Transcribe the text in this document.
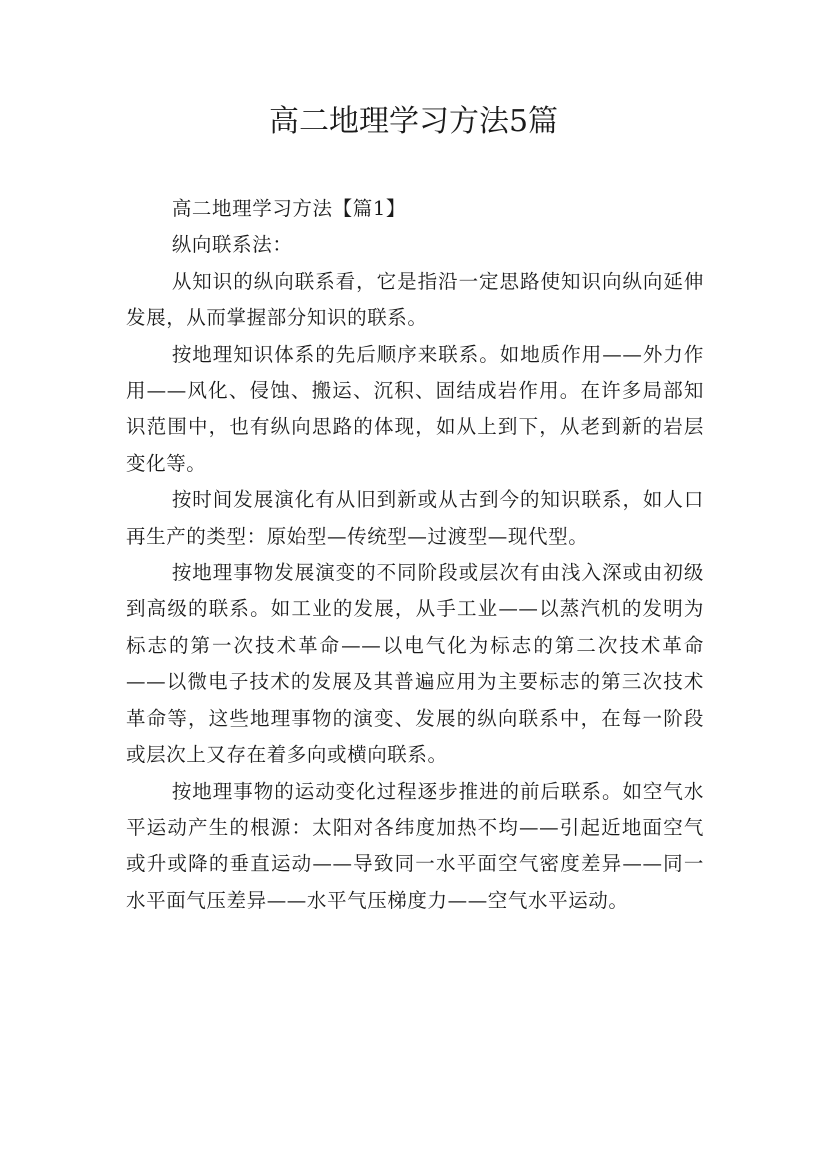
高二地理学习方法5篇

高二地理学习方法【篇1】

纵向联系法：

从知识的纵向联系看，它是指沿一定思路使知识向纵向延伸发展，从而掌握部分知识的联系。

按地理知识体系的先后顺序来联系。如地质作用——外力作用——风化、侵蚀、搬运、沉积、固结成岩作用。在许多局部知识范围中，也有纵向思路的体现，如从上到下，从老到新的岩层变化等。

按时间发展演化有从旧到新或从古到今的知识联系，如人口再生产的类型：原始型—传统型—过渡型—现代型。

按地理事物发展演变的不同阶段或层次有由浅入深或由初级到高级的联系。如工业的发展，从手工业——以蒸汽机的发明为标志的第一次技术革命——以电气化为标志的第二次技术革命——以微电子技术的发展及其普遍应用为主要标志的第三次技术革命等，这些地理事物的演变、发展的纵向联系中，在每一阶段或层次上又存在着多向或横向联系。

按地理事物的运动变化过程逐步推进的前后联系。如空气水平运动产生的根源：太阳对各纬度加热不均——引起近地面空气或升或降的垂直运动——导致同一水平面空气密度差异——同一水平面气压差异——水平气压梯度力——空气水平运动。
